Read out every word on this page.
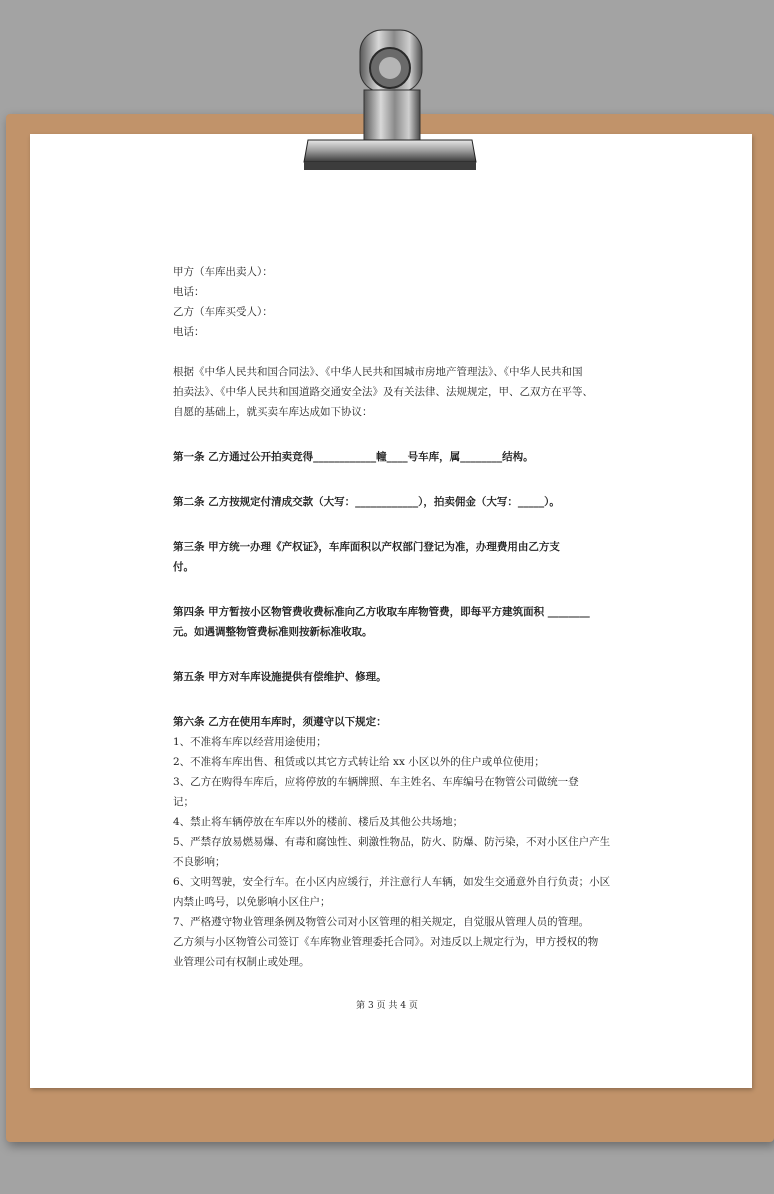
甲方（车库出卖人）：
电话：
乙方（车库买受人）：
电话：
根据《中华人民共和国合同法》、《中华人民共和国城市房地产管理法》、《中华人民共和国
拍卖法》、《中华人民共和国道路交通安全法》及有关法律、法规规定，甲、乙双方在平等、
自愿的基础上，就买卖车库达成如下协议：
第一条 乙方通过公开拍卖竞得____________幢____号车库，属________结构。
第二条 乙方按规定付清成交款（大写：____________），拍卖佣金（大写：_____）。
第三条 甲方统一办理《产权证》，车库面积以产权部门登记为准，办理费用由乙方支
付。
第四条 甲方暂按小区物管费收费标准向乙方收取车库物管费，即每平方建筑面积 ________
元。如遇调整物管费标准则按新标准收取。
第五条 甲方对车库设施提供有偿维护、修理。
第六条 乙方在使用车库时，须遵守以下规定：
1、不准将车库以经营用途使用；
2、不准将车库出售、租赁或以其它方式转让给 xx 小区以外的住户或单位使用；
3、乙方在购得车库后，应将停放的车辆牌照、车主姓名、车库编号在物管公司做统一登
记；
4、禁止将车辆停放在车库以外的楼前、楼后及其他公共场地；
5、严禁存放易燃易爆、有毒和腐蚀性、刺激性物品，防火、防爆、防污染，不对小区住户产生
不良影响；
6、文明驾驶，安全行车。在小区内应缓行，并注意行人车辆，如发生交通意外自行负责；小区
内禁止鸣号，以免影响小区住户；
7、严格遵守物业管理条例及物管公司对小区管理的相关规定，自觉服从管理人员的管理。
乙方须与小区物管公司签订《车库物业管理委托合同》。对违反以上规定行为，甲方授权的物
业管理公司有权制止或处理。
第 3 页 共 4 页
